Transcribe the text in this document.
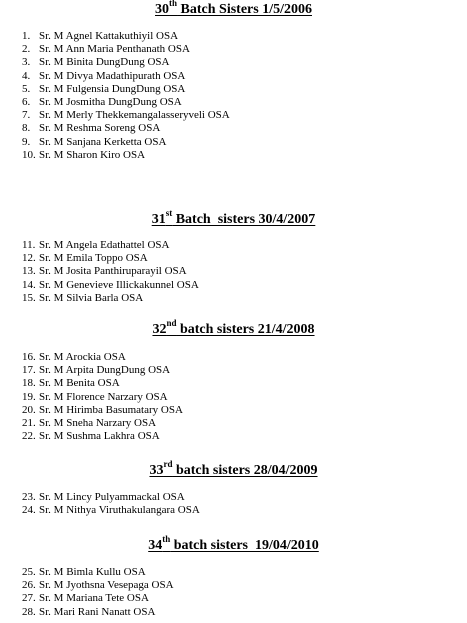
30th Batch Sisters 1/5/2006
1. Sr. M Agnel Kattakuthiyil OSA
2. Sr. M Ann Maria Penthanath OSA
3. Sr. M Binita DungDung OSA
4. Sr. M Divya Madathipurath OSA
5. Sr. M Fulgensia DungDung OSA
6. Sr. M Josmitha DungDung OSA
7. Sr. M Merly Thekkemangalasseryveli OSA
8. Sr. M Reshma Soreng OSA
9. Sr. M Sanjana Kerketta OSA
10. Sr. M Sharon Kiro OSA
31st Batch  sisters 30/4/2007
11. Sr. M Angela Edathattel OSA
12. Sr. M Emila Toppo OSA
13. Sr. M Josita Panthiruparayil OSA
14. Sr. M Genevieve Illickakunnel OSA
15. Sr. M Silvia Barla OSA
32nd batch sisters 21/4/2008
16. Sr. M Arockia OSA
17. Sr. M Arpita DungDung OSA
18. Sr. M Benita OSA
19. Sr. M Florence Narzary OSA
20. Sr. M Hirimba Basumatary OSA
21. Sr. M Sneha Narzary OSA
22. Sr. M Sushma Lakhra OSA
33rd batch sisters 28/04/2009
23. Sr. M Lincy Pulyammackal OSA
24. Sr. M Nithya Viruthakulangara OSA
34th batch sisters  19/04/2010
25. Sr. M Bimla Kullu OSA
26. Sr. M Jyothsna Vesepaga OSA
27. Sr. M Mariana Tete OSA
28. Sr. Mari Rani Nanatt OSA
